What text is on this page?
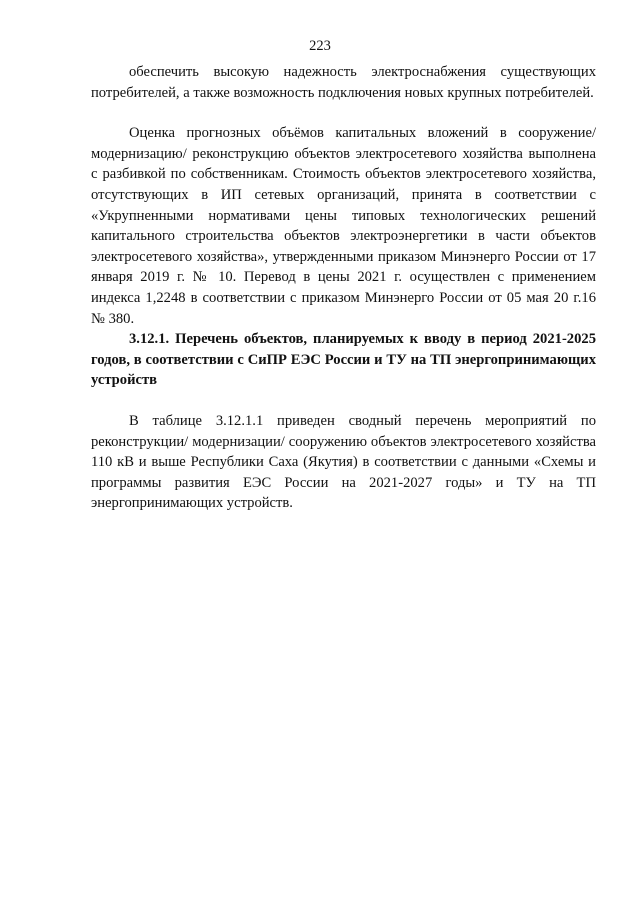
223

обеспечить высокую надежность электроснабжения существующих потребителей, а также возможность подключения новых крупных потребителей.

Оценка прогнозных объёмов капитальных вложений в сооружение/ модернизацию/ реконструкцию объектов электросетевого хозяйства выполнена с разбивкой по собственникам. Стоимость объектов электросетевого хозяйства, отсутствующих в ИП сетевых организаций, принята в соответствии с «Укрупненными нормативами цены типовых технологических решений капитального строительства объектов электроэнергетики в части объектов электросетевого хозяйства», утвержденными приказом Минэнерго России от 17 января 2019 г. № 10. Перевод в цены 2021 г. осуществлен с применением индекса 1,2248 в соответствии с приказом Минэнерго России от 05 мая 20 г.16 № 380.

3.12.1. Перечень объектов, планируемых к вводу в период 2021-2025 годов, в соответствии с СиПР ЕЭС России и ТУ на ТП энергопринимающих устройств

В таблице 3.12.1.1 приведен сводный перечень мероприятий по реконструкции/ модернизации/ сооружению объектов электросетевого хозяйства 110 кВ и выше Республики Саха (Якутия) в соответствии с данными «Схемы и программы развития ЕЭС России на 2021-2027 годы» и ТУ на ТП энергопринимающих устройств.
